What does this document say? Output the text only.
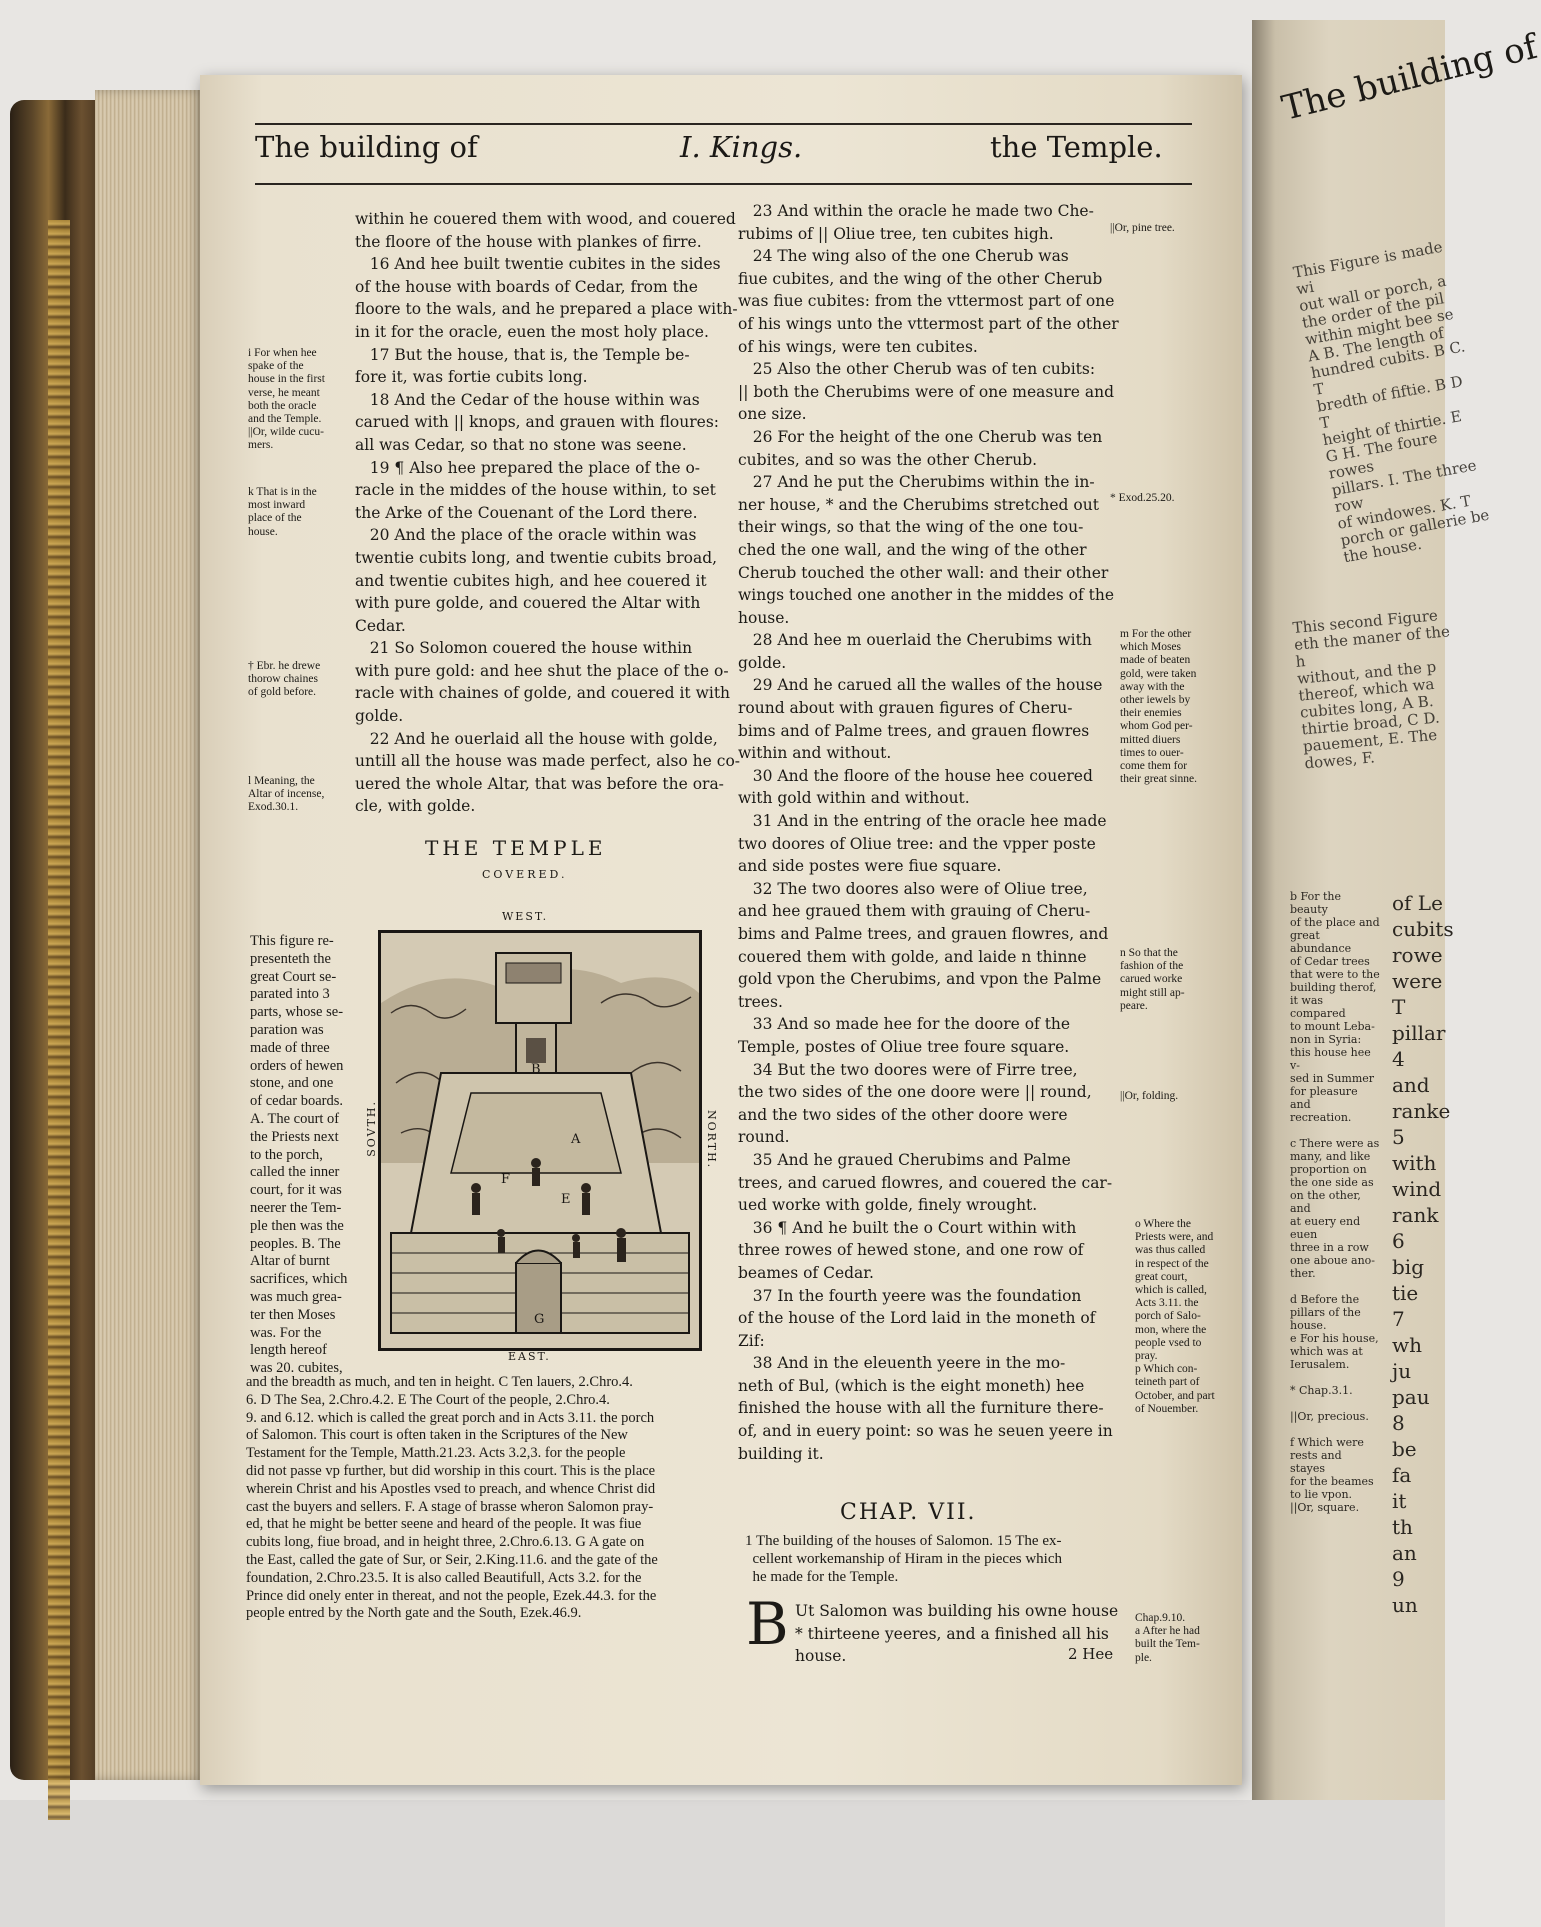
The building of	I. Kings.	the Temple.
i For when hee
spake of the
house in the first
verse, he meant
both the oracle
and the Temple.
||Or, wilde cucu-
mers.
k That is in the
most inward
place of the
house.
† Ebr. he drewe
thorow chaines
of gold before.
l Meaning, the
Altar of incense,
Exod.30.1.
within he couered them with wood, and couered
the floore of the house with plankes of firre.
16 And hee built twentie cubites in the sides
of the house with boards of Cedar, from the
floore to the wals, and he prepared a place with-
in it for the oracle, euen the most holy place.
17 But the house, that is, the Temple be-
fore it, was fortie cubits long.
18 And the Cedar of the house within was
carued with || knops, and grauen with floures:
all was Cedar, so that no stone was seene.
19 ¶ Also hee prepared the place of the o-
racle in the middes of the house within, to set
the Arke of the Couenant of the Lord there.
20 And the place of the oracle within was
twentie cubits long, and twentie cubits broad,
and twentie cubites high, and hee couered it
with pure golde, and couered the Altar with
Cedar.
21 So Solomon couered the house within
with pure gold: and hee shut the place of the o-
racle with chaines of golde, and couered it with
golde.
22 And he ouerlaid all the house with golde,
untill all the house was made perfect, also he co-
uered the whole Altar, that was before the ora-
cle, with golde.
THE TEMPLE
COVERED.
WEST.
A
B
F
E
G
SOVTH.	NORTH.
EAST.
This figure re-
presenteth the
great Court se-
parated into 3
parts, whose se-
paration was
made of three
orders of hewen
stone, and one
of cedar boards.
A. The court of
the Priests next
to the porch,
called the inner
court, for it was
neerer the Tem-
ple then was the
peoples. B. The
Altar of burnt
sacrifices, which
was much grea-
ter then Moses
was. For the
length hereof
was 20. cubites,
and the breadth as much, and ten in height. C Ten lauers, 2.Chro.4.
6. D The Sea, 2.Chro.4.2. E The Court of the people, 2.Chro.4.
9. and 6.12. which is called the great porch and in Acts 3.11. the porch
of Salomon. This court is often taken in the Scriptures of the New
Testament for the Temple, Matth.21.23. Acts 3.2,3. for the people
did not passe vp further, but did worship in this court. This is the place
wherein Christ and his Apostles vsed to preach, and whence Christ did
cast the buyers and sellers. F. A stage of brasse wheron Salomon pray-
ed, that he might be better seene and heard of the people. It was fiue
cubits long, fiue broad, and in height three, 2.Chro.6.13. G A gate on
the East, called the gate of Sur, or Seir, 2.King.11.6. and the gate of the
foundation, 2.Chro.23.5. It is also called Beautifull, Acts 3.2. for the
Prince did onely enter in thereat, and not the people, Ezek.44.3. for the
people entred by the North gate and the South, Ezek.46.9.
23 And within the oracle he made two Che-
rubims of || Oliue tree, ten cubites high.
24 The wing also of the one Cherub was
fiue cubites, and the wing of the other Cherub
was fiue cubites: from the vttermost part of one
of his wings unto the vttermost part of the other
of his wings, were ten cubites.
25 Also the other Cherub was of ten cubits:
|| both the Cherubims were of one measure and
one size.
26 For the height of the one Cherub was ten
cubites, and so was the other Cherub.
27 And he put the Cherubims within the in-
ner house, * and the Cherubims stretched out
their wings, so that the wing of the one tou-
ched the one wall, and the wing of the other
Cherub touched the other wall: and their other
wings touched one another in the middes of the
house.
28 And hee m ouerlaid the Cherubims with
golde.
29 And he carued all the walles of the house
round about with grauen figures of Cheru-
bims and of Palme trees, and grauen flowres
within and without.
30 And the floore of the house hee couered
with gold within and without.
31 And in the entring of the oracle hee made
two doores of Oliue tree: and the vpper poste
and side postes were fiue square.
32 The two doores also were of Oliue tree,
and hee graued them with grauing of Cheru-
bims and Palme trees, and grauen flowres, and
couered them with golde, and laide n thinne
gold vpon the Cherubims, and vpon the Palme
trees.
33 And so made hee for the doore of the
Temple, postes of Oliue tree foure square.
34 But the two doores were of Firre tree,
the two sides of the one doore were || round,
and the two sides of the other doore were
round.
35 And he graued Cherubims and Palme
trees, and carued flowres, and couered the car-
ued worke with golde, finely wrought.
36 ¶ And he built the o Court within with
three rowes of hewed stone, and one row of
beames of Cedar.
37 In the fourth yeere was the foundation
of the house of the Lord laid in the moneth of
Zif:
38 And in the eleuenth yeere in the mo-
neth of Bul, (which is the eight moneth) hee
finished the house with all the furniture there-
of, and in euery point: so was he seuen yeere in
building it.
||Or, pine tree.
* Exod.25.20.
m For the other
which Moses
made of beaten
gold, were taken
away with the
other iewels by
their enemies
whom God per-
mitted diuers
times to ouer-
come them for
their great sinne.
n So that the
fashion of the
carued worke
might still ap-
peare.
||Or, folding.
o Where the
Priests were, and
was thus called
in respect of the
great court,
which is called,
Acts 3.11. the
porch of Salo-
mon, where the
people vsed to
pray.
p Which con-
teineth part of
October, and part
of Nouember.
Chap.9.10.
a After he had
built the Tem-
ple.
CHAP. VII.
1 The building of the houses of Salomon. 15 The ex-
cellent workemanship of Hiram in the pieces which
he made for the Temple.
B Ut Salomon was building his owne house
* thirteene yeeres, and a finished all his
house.	2 Hee
The building of
This Figure is made wi
out wall or porch, a
the order of the pil
within might bee se
A B. The length of
hundred cubits. B C. T
bredth of fiftie. B D T
height of thirtie. E
G H. The foure rowes
pillars. I. The three row
of windowes. K. T
porch or gallerie be
the house.
This second Figure
eth the maner of the h
without, and the p
thereof, which wa
cubites long, A B.
thirtie broad, C D.
pauement, E. The
dowes, F.
b For the beauty
of the place and
great abundance
of Cedar trees
that were to the
building therof,
it was compared
to mount Leba-
non in Syria:
this house hee v-
sed in Summer
for pleasure and
recreation.

c There were as
many, and like
proportion on
the one side as
on the other, and
at euery end euen
three in a row
one aboue ano-
ther.

d Before the
pillars of the
house.
e For his house,
which was at
Ierusalem.

* Chap.3.1.

||Or, precious.

f Which were
rests and stayes
for the beames
to lie vpon.
||Or, square.
of Le
cubits
rowe
were
T
pillar
4
and
ranke
5
with
wind
rank
6
big
tie
7
wh
ju
pau
8
be
fa
it
th
an
9
un
